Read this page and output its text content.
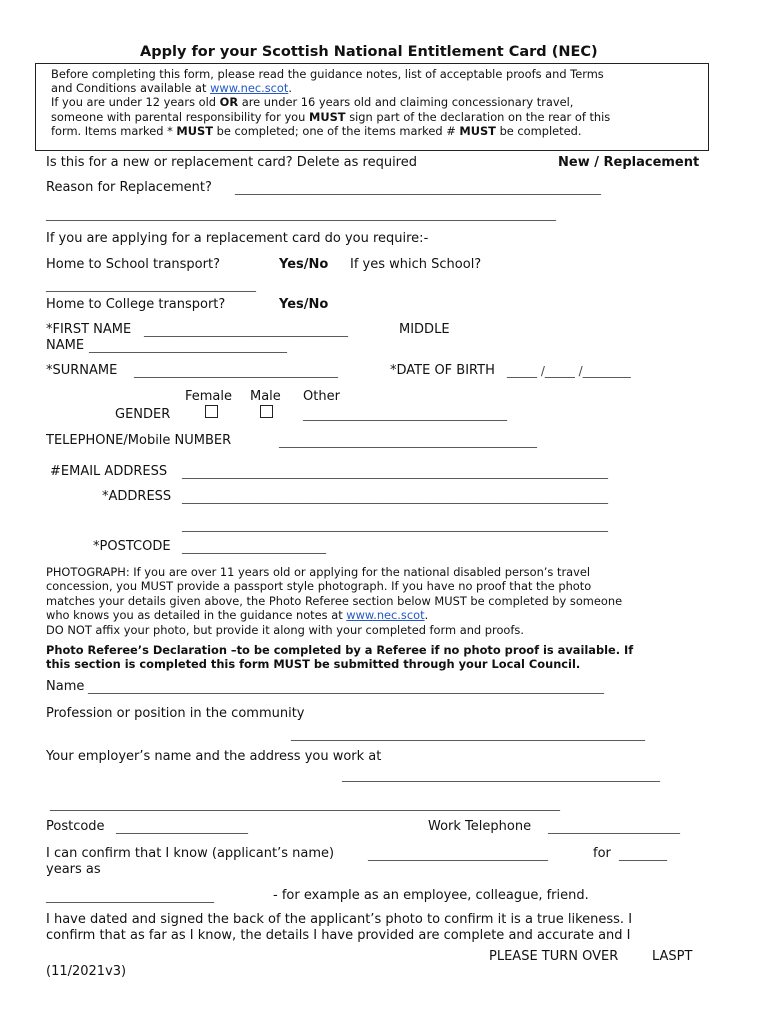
Apply for your Scottish National Entitlement Card (NEC)
Before completing this form, please read the guidance notes, list of acceptable proofs and Terms
and Conditions available at www.nec.scot.
If you are under 12 years old OR are under 16 years old and claiming concessionary travel,
someone with parental responsibility for you MUST sign part of the declaration on the rear of this
form. Items marked * MUST be completed; one of the items marked # MUST be completed.
Is this for a new or replacement card? Delete as required	New / Replacement
Reason for Replacement? _____________________________________________________________
_____________________________________________________________________________________
If you are applying for a replacement card do you require:-
Home to School transport?	Yes/No If yes which School?
___________________________________
Home to College transport?	Yes/No
*FIRST NAME __________________________________	MIDDLE
NAME _________________________________
*SURNAME __________________________________	*DATE OF BIRTH _____ /_____ /________
Female Male Other
GENDER	__________________________________
TELEPHONE/Mobile NUMBER	___________________________________________
#EMAIL ADDRESS _______________________________________________________________________
*ADDRESS _______________________________________________________________________
_______________________________________________________________________
*POSTCODE ________________________
PHOTOGRAPH: If you are over 11 years old or applying for the national disabled person’s travel
concession, you MUST provide a passport style photograph. If you have no proof that the photo
matches your details given above, the Photo Referee section below MUST be completed by someone
who knows you as detailed in the guidance notes at www.nec.scot.
DO NOT affix your photo, but provide it along with your completed form and proofs.
Photo Referee’s Declaration –to be completed by a Referee if no photo proof is available. If
this section is completed this form MUST be submitted through your Local Council.
Name ______________________________________________________________________________________
Profession or position in the community
___________________________________________________________
Your employer’s name and the address you work at
_____________________________________________________
_____________________________________________________________________________________
Postcode ______________________	Work Telephone ______________________
I can confirm that I know (applicant’s name)	______________________________	for ________
years as
____________________________	- for example as an employee, colleague, friend.
I have dated and signed the back of the applicant’s photo to confirm it is a true likeness. I
confirm that as far as I know, the details I have provided are complete and accurate and I
PLEASE TURN OVER	LASPT
(11/2021v3)
